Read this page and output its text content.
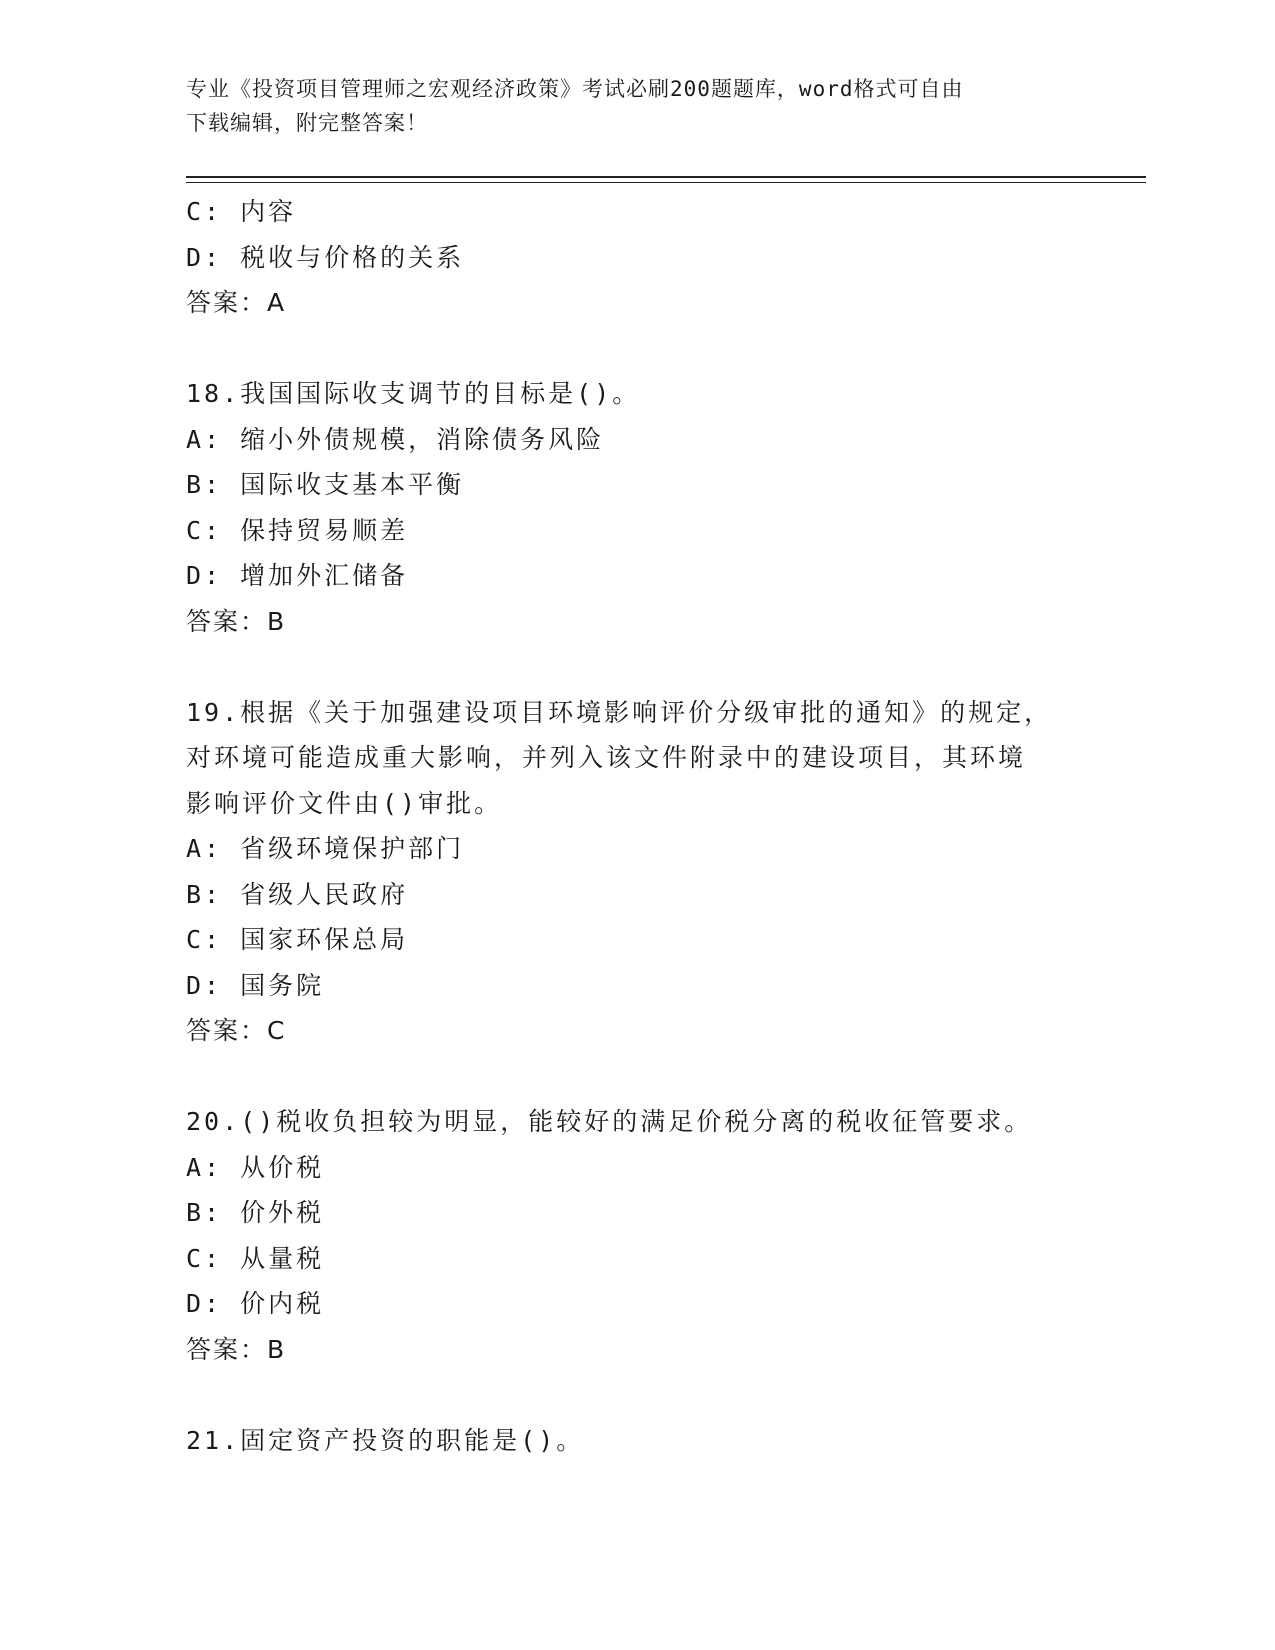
专业《投资项目管理师之宏观经济政策》考试必刷200题题库，word格式可自由
下载编辑，附完整答案！
C: 内容
D: 税收与价格的关系
答案：A
18.我国国际收支调节的目标是()。
A: 缩小外债规模，消除债务风险
B: 国际收支基本平衡
C: 保持贸易顺差
D: 增加外汇储备
答案：B
19.根据《关于加强建设项目环境影响评价分级审批的通知》的规定，
对环境可能造成重大影响，并列入该文件附录中的建设项目，其环境
影响评价文件由()审批。
A: 省级环境保护部门
B: 省级人民政府
C: 国家环保总局
D: 国务院
答案：C
20.()税收负担较为明显，能较好的满足价税分离的税收征管要求。
A: 从价税
B: 价外税
C: 从量税
D: 价内税
答案：B
21.固定资产投资的职能是()。
